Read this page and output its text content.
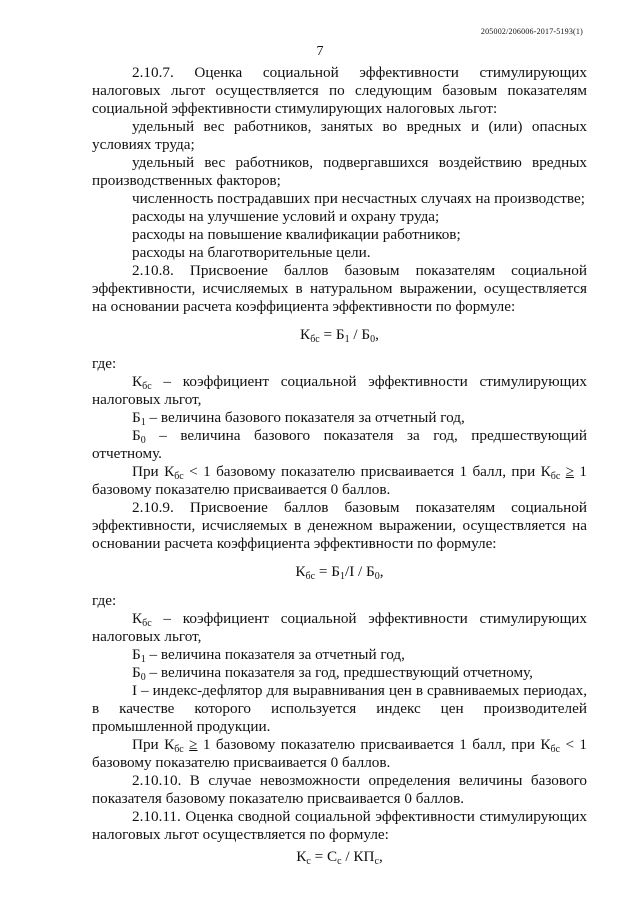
205002/206006-2017-5193(1)
7

2.10.7. Оценка социальной эффективности стимулирующих налоговых льгот осуществляется по следующим базовым показателям социальной эффективности стимулирующих налоговых льгот:

удельный вес работников, занятых во вредных и (или) опасных условиях труда;

удельный вес работников, подвергавшихся воздействию вредных производственных факторов;

численность пострадавших при несчастных случаях на производстве;

расходы на улучшение условий и охрану труда;

расходы на повышение квалификации работников;

расходы на благотворительные цели.

2.10.8. Присвоение баллов базовым показателям социальной эффективности, исчисляемых в натуральном выражении, осуществляется на основании расчета коэффициента эффективности по формуле:

$К_{бс} = Б_1 / Б_0$,

где:

$К_{бс}$ – коэффициент социальной эффективности стимулирующих налоговых льгот,

$Б_1$ – величина базового показателя за отчетный год,

$Б_0$ – величина базового показателя за год, предшествующий отчетному.

При $К_{бс} < 1$ базовому показателю присваивается 1 балл, при $К_{бс} \ge 1$ базовому показателю присваивается 0 баллов.

2.10.9. Присвоение баллов базовым показателям социальной эффективности, исчисляемых в денежном выражении, осуществляется на основании расчета коэффициента эффективности по формуле:

$К_{бс} = Б_1/I / Б_0$,

где:

$К_{бс}$ – коэффициент социальной эффективности стимулирующих налоговых льгот,

$Б_1$ – величина показателя за отчетный год,

$Б_0$ – величина показателя за год, предшествующий отчетному,

I – индекс-дефлятор для выравнивания цен в сравниваемых периодах, в качестве которого используется индекс цен производителей промышленной продукции.

При $К_{бс} \ge 1$ базовому показателю присваивается 1 балл, при $К_{бс} < 1$ базовому показателю присваивается 0 баллов.

2.10.10. В случае невозможности определения величины базового показателя базовому показателю присваивается 0 баллов.

2.10.11. Оценка сводной социальной эффективности стимулирующих налоговых льгот осуществляется по формуле:

$К_с = С_с / КП_с$,
